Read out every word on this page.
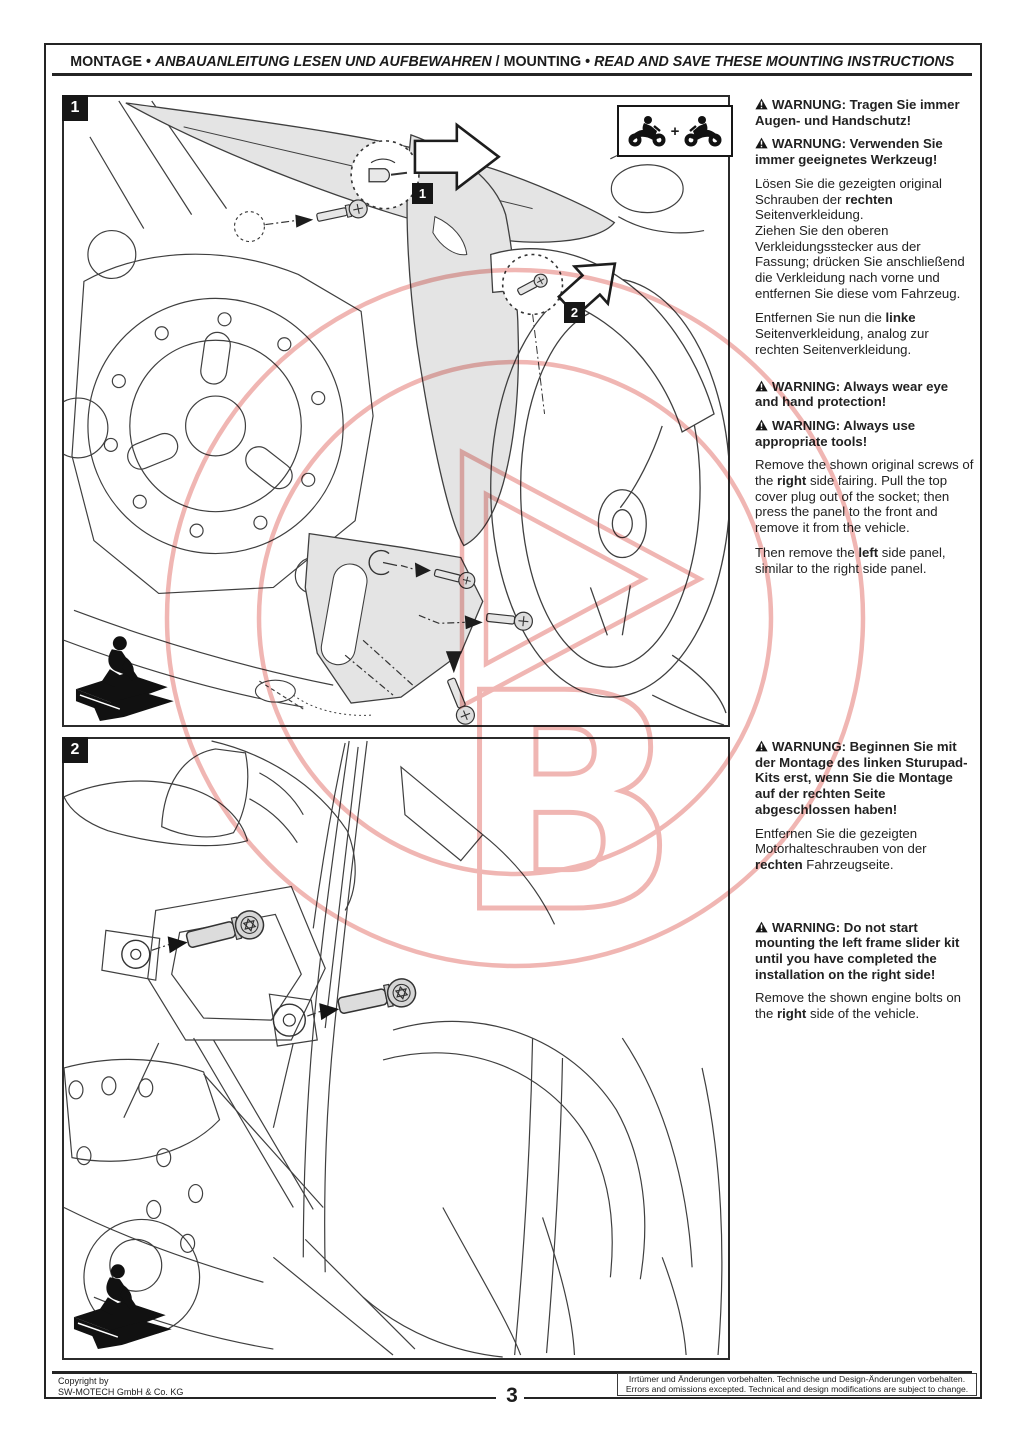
MONTAGE • ANBAUANLEITUNG LESEN UND AUFBEWAHREN / MOUNTING • READ AND SAVE THESE MOUNTING INSTRUCTIONS
1
1
2
+
2

WARNUNG: Tragen Sie immer Augen- und Handschutz!

WARNUNG: Verwenden Sie immer geeignetes Werkzeug!

Lösen Sie die gezeigten original Schrauben der rechten Seitenverkleidung.

Ziehen Sie den oberen Verkleidungsstecker aus der Fassung; drücken Sie anschließend die Verkleidung nach vorne und entfernen Sie diese vom Fahrzeug.

Entfernen Sie nun die linke Seitenverkleidung, analog zur rechten Seitenverkleidung.

WARNING: Always wear eye and hand protection!

WARNING: Always use appropriate tools!

Remove the shown original screws of the right side fairing. Pull the top cover plug out of the socket; then press the panel to the front and remove it from the vehicle.

Then remove the left side panel, similar to the right side panel.

WARNUNG: Beginnen Sie mit der Montage des linken Sturupad-Kits erst, wenn Sie die Montage auf der rechten Seite abgeschlossen haben!

Entfernen Sie die gezeigten Motorhalteschrauben von der rechten Fahrzeugseite.

WARNING: Do not start mounting the left frame slider kit until you have completed the installation on the right side!

Remove the shown engine bolts on the right side of the vehicle.

Copyright by
SW-MOTECH GmbH & Co. KG
Irrtümer und Änderungen vorbehalten. Technische und Design-Änderungen vorbehalten.
Errors and omissions excepted. Technical and design modifications are subject to change.
3
B
